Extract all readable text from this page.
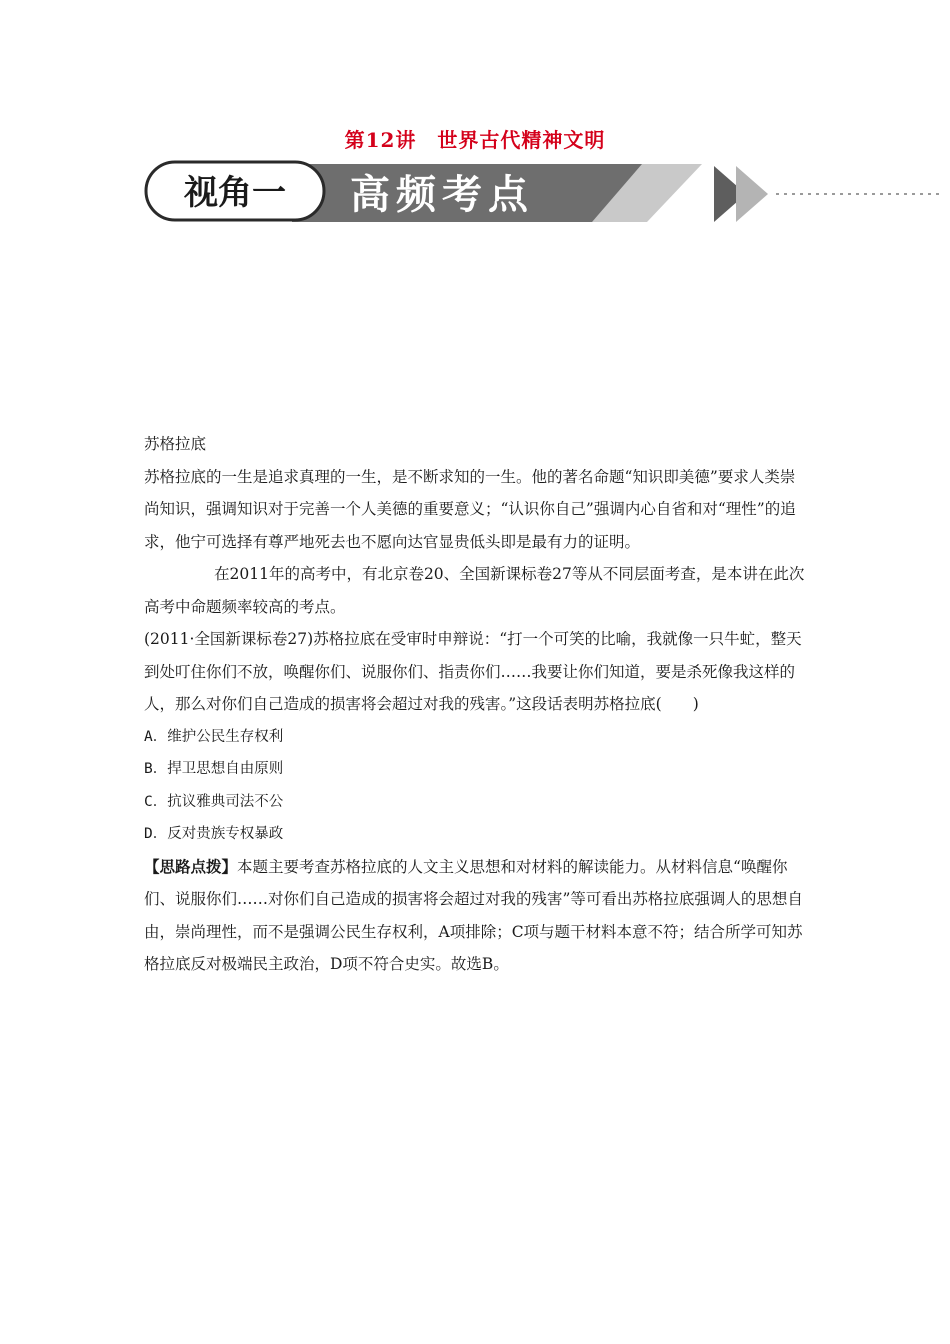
第12讲　世界古代精神文明
视角一 高频考点

苏格拉底

苏格拉底的一生是追求真理的一生，是不断求知的一生。他的著名命题“知识即美德”要求人类崇尚知识，强调知识对于完善一个人美德的重要意义；“认识你自己”强调内心自省和对“理性”的追求，他宁可选择有尊严地死去也不愿向达官显贵低头即是最有力的证明。

在2011年的高考中，有北京卷20、全国新课标卷27等从不同层面考查，是本讲在此次高考中命题频率较高的考点。

(2011·全国新课标卷27)苏格拉底在受审时申辩说：“打一个可笑的比喻，我就像一只牛虻，整天到处叮住你们不放，唤醒你们、说服你们、指责你们……我要让你们知道，要是杀死像我这样的人，那么对你们自己造成的损害将会超过对我的残害。”这段话表明苏格拉底(　　)

A．维护公民生存权利

B．捍卫思想自由原则

C．抗议雅典司法不公

D．反对贵族专权暴政

【思路点拨】本题主要考查苏格拉底的人文主义思想和对材料的解读能力。从材料信息“唤醒你们、说服你们……对你们自己造成的损害将会超过对我的残害”等可看出苏格拉底强调人的思想自由，崇尚理性，而不是强调公民生存权利，A项排除；C项与题干材料本意不符；结合所学可知苏格拉底反对极端民主政治，D项不符合史实。故选B。
